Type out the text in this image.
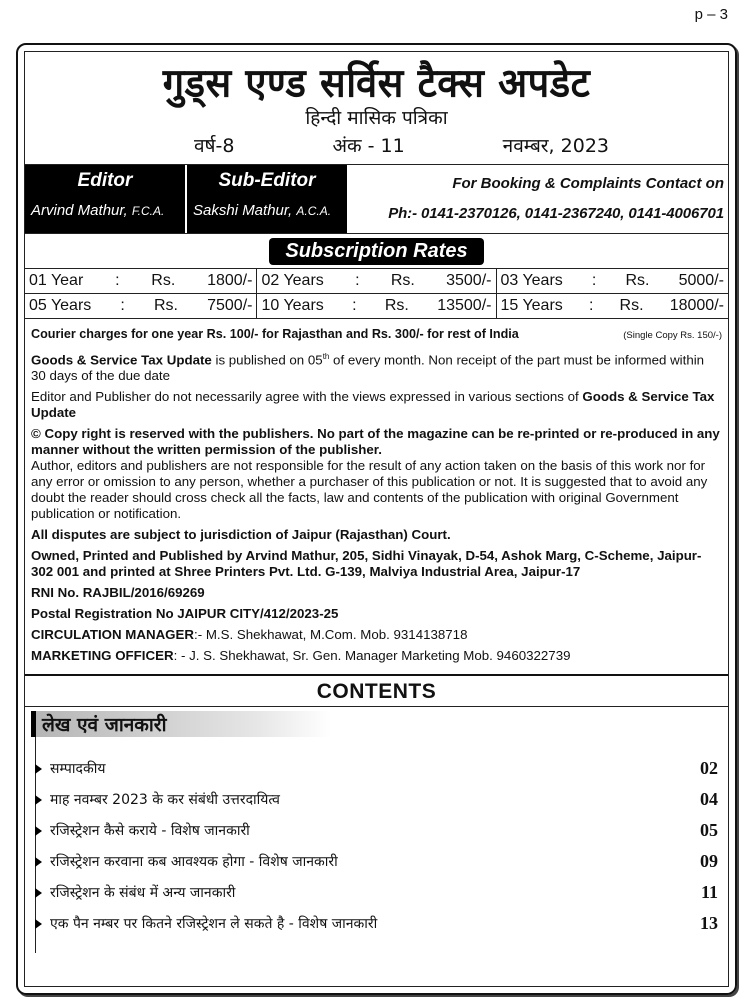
p – 3
गुड्स एण्ड सर्विस टैक्स अपडेट
हिन्दी मासिक पत्रिका
वर्ष-8	अंक - 11	नवम्बर, 2023
Editor
Arvind Mathur, F.C.A.
Sub-Editor
Sakshi Mathur, A.C.A.
For Booking & Complaints Contact on
Ph:- 0141-2370126, 0141-2367240, 0141-4006701
Subscription Rates
01 Year : Rs. 1800/-	02 Years : Rs. 3500/-	03 Years : Rs. 5000/-

05 Years : Rs. 7500/-	10 Years : Rs. 13500/-	15 Years : Rs. 18000/-
Courier charges for one year Rs. 100/- for Rajasthan and Rs. 300/- for rest of India	(Single Copy Rs. 150/-)
Goods & Service Tax Update is published on 05th of every month. Non receipt of the part must be informed within 30 days of the due date
Editor and Publisher do not necessarily agree with the views expressed in various sections of Goods & Service Tax Update
© Copy right is reserved with the publishers. No part of the magazine can be re-printed or re-produced in any manner without the written permission of the publisher.
Author, editors and publishers are not responsible for the result of any action taken on the basis of this work nor for any error or omission to any person, whether a purchaser of this publication or not. It is suggested that to avoid any doubt the reader should cross check all the facts, law and contents of the publication with original Government publication or notification.
All disputes are subject to jurisdiction of Jaipur (Rajasthan) Court.
Owned, Printed and Published by Arvind Mathur, 205, Sidhi Vinayak, D-54, Ashok Marg, C-Scheme, Jaipur-302 001 and printed at Shree Printers Pvt. Ltd. G-139, Malviya Industrial Area, Jaipur-17
RNI No. RAJBIL/2016/69269
Postal Registration No JAIPUR CITY/412/2023-25
CIRCULATION MANAGER:- M.S. Shekhawat, M.Com. Mob. 9314138718
MARKETING OFFICER: - J. S. Shekhawat, Sr. Gen. Manager Marketing Mob. 9460322739
CONTENTS
लेख एवं जानकारी
सम्पादकीय	02
माह नवम्बर 2023 के कर संबंधी उत्तरदायित्व	04
रजिस्ट्रेशन कैसे कराये - विशेष जानकारी	05
रजिस्ट्रेशन करवाना कब आवश्यक होगा - विशेष जानकारी	09
रजिस्ट्रेशन के संबंध में अन्य जानकारी	11
एक पैन नम्बर पर कितने रजिस्ट्रेशन ले सकते है - विशेष जानकारी	13
